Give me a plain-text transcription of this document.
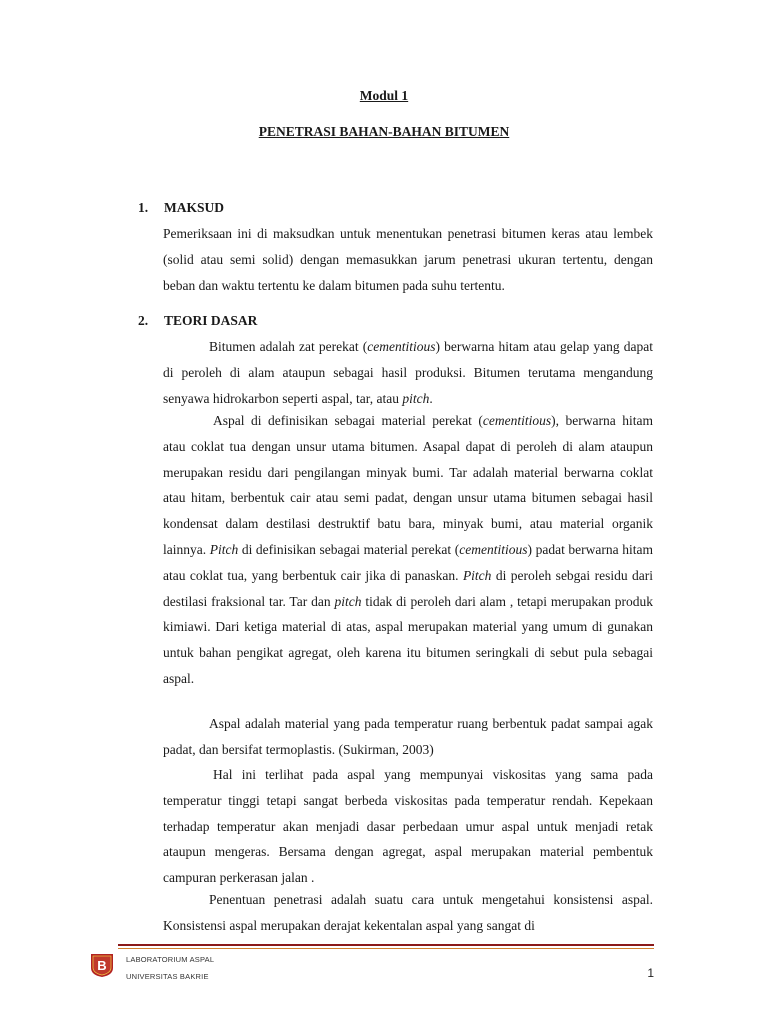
Modul 1
PENETRASI BAHAN-BAHAN BITUMEN
1. MAKSUD

Pemeriksaan ini di maksudkan untuk menentukan penetrasi bitumen keras atau lembek (solid atau semi solid) dengan memasukkan jarum penetrasi ukuran tertentu, dengan beban dan waktu tertentu ke dalam bitumen pada suhu tertentu.

2. TEORI DASAR

Bitumen adalah zat perekat (cementitious) berwarna hitam atau gelap yang dapat di peroleh di alam ataupun sebagai hasil produksi. Bitumen terutama mengandung senyawa hidrokarbon seperti aspal, tar, atau pitch.

Aspal di definisikan sebagai material perekat (cementitious), berwarna hitam atau coklat tua dengan unsur utama bitumen. Asapal dapat di peroleh di alam ataupun merupakan residu dari pengilangan minyak bumi. Tar adalah material berwarna coklat atau hitam, berbentuk cair atau semi padat, dengan unsur utama bitumen sebagai hasil kondensat dalam destilasi destruktif batu bara, minyak bumi, atau material organik lainnya. Pitch di definisikan sebagai material perekat (cementitious) padat berwarna hitam atau coklat tua, yang berbentuk cair jika di panaskan. Pitch di peroleh sebgai residu dari destilasi fraksional tar. Tar dan pitch tidak di peroleh dari alam , tetapi merupakan produk kimiawi. Dari ketiga material di atas, aspal merupakan material yang umum di gunakan untuk bahan pengikat agregat, oleh karena itu bitumen seringkali di sebut pula sebagai aspal.

Aspal adalah material yang pada temperatur ruang berbentuk padat sampai agak padat, dan bersifat termoplastis. (Sukirman, 2003)

Hal ini terlihat pada aspal yang mempunyai viskositas yang sama pada temperatur tinggi tetapi sangat berbeda viskositas pada temperatur rendah. Kepekaan terhadap temperatur akan menjadi dasar perbedaan umur aspal untuk menjadi retak ataupun mengeras. Bersama dengan agregat, aspal merupakan material pembentuk campuran perkerasan jalan .

Penentuan penetrasi adalah suatu cara untuk mengetahui konsistensi aspal. Konsistensi aspal merupakan derajat kekentalan aspal yang sangat di

B	LABORATORIUM ASPAL
UNIVERSITAS BAKRIE	1
